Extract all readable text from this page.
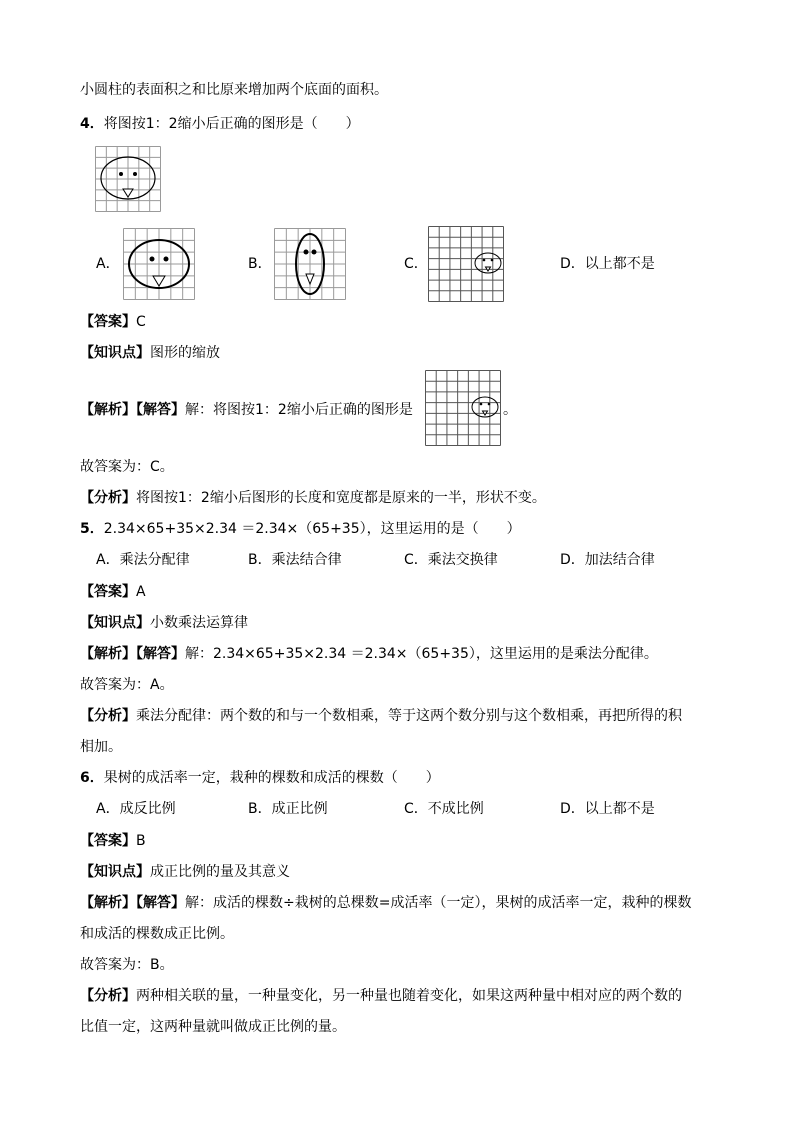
小圆柱的表面积之和比原来增加两个底面的面积。
4．将图按1：2缩小后正确的图形是（　　）
A．	B．	C．	D．以上都不是
【答案】C
【知识点】图形的缩放
【解析】【解答】解：将图按1：2缩小后正确的图形是	。
故答案为：C。
【分析】将图按1：2缩小后图形的长度和宽度都是原来的一半，形状不变。
5．2.34×65+35×2.34 ＝2.34×（65+35），这里运用的是（　　）
A．乘法分配律	B．乘法结合律	C．乘法交换律	D．加法结合律
【答案】A
【知识点】小数乘法运算律
【解析】【解答】解：2.34×65+35×2.34 ＝2.34×（65+35），这里运用的是乘法分配律。
故答案为：A。
【分析】乘法分配律：两个数的和与一个数相乘，等于这两个数分别与这个数相乘，再把所得的积
相加。
6．果树的成活率一定，栽种的棵数和成活的棵数（　　）
A．成反比例	B．成正比例	C．不成比例	D．以上都不是
【答案】B
【知识点】成正比例的量及其意义
【解析】【解答】解：成活的棵数÷栽树的总棵数=成活率（一定），果树的成活率一定，栽种的棵数
和成活的棵数成正比例。
故答案为：B。
【分析】两种相关联的量，一种量变化，另一种量也随着变化，如果这两种量中相对应的两个数的
比值一定，这两种量就叫做成正比例的量。
